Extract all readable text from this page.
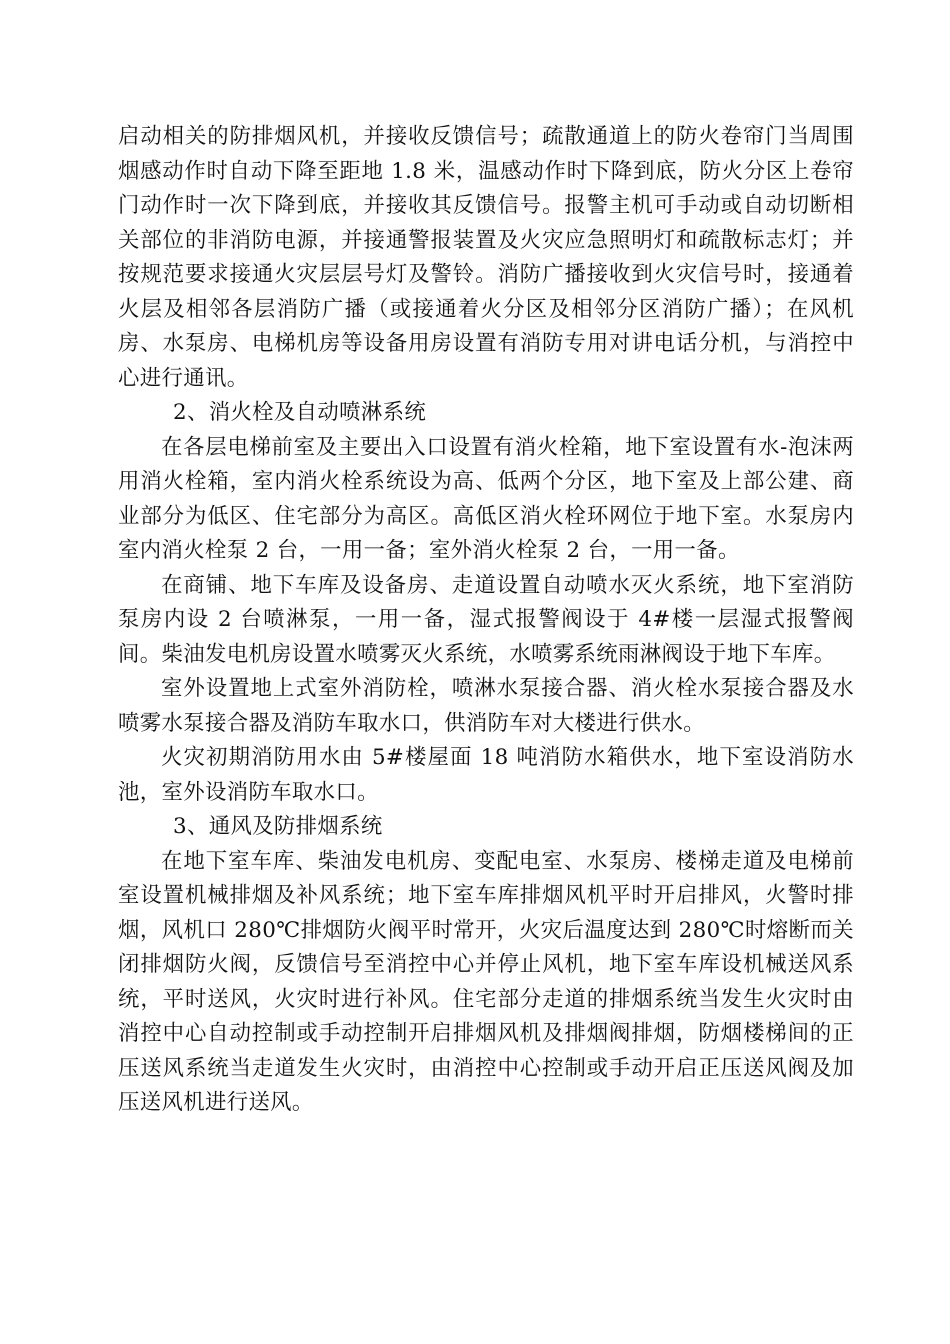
启动相关的防排烟风机，并接收反馈信号；疏散通道上的防火卷帘门当周围烟感动作时自动下降至距地 1.8 米，温感动作时下降到底，防火分区上卷帘门动作时一次下降到底，并接收其反馈信号。报警主机可手动或自动切断相关部位的非消防电源，并接通警报装置及火灾应急照明灯和疏散标志灯；并按规范要求接通火灾层层号灯及警铃。消防广播接收到火灾信号时，接通着火层及相邻各层消防广播（或接通着火分区及相邻分区消防广播）；在风机房、水泵房、电梯机房等设备用房设置有消防专用对讲电话分机，与消控中心进行通讯。

2、消火栓及自动喷淋系统

在各层电梯前室及主要出入口设置有消火栓箱，地下室设置有水-泡沫两用消火栓箱，室内消火栓系统设为高、低两个分区，地下室及上部公建、商业部分为低区、住宅部分为高区。高低区消火栓环网位于地下室。水泵房内室内消火栓泵 2 台，一用一备；室外消火栓泵 2 台，一用一备。

在商铺、地下车库及设备房、走道设置自动喷水灭火系统，地下室消防泵房内设 2 台喷淋泵，一用一备，湿式报警阀设于 4#楼一层湿式报警阀间。柴油发电机房设置水喷雾灭火系统，水喷雾系统雨淋阀设于地下车库。

室外设置地上式室外消防栓，喷淋水泵接合器、消火栓水泵接合器及水喷雾水泵接合器及消防车取水口，供消防车对大楼进行供水。

火灾初期消防用水由 5#楼屋面 18 吨消防水箱供水，地下室设消防水池，室外设消防车取水口。

3、通风及防排烟系统

在地下室车库、柴油发电机房、变配电室、水泵房、楼梯走道及电梯前室设置机械排烟及补风系统；地下室车库排烟风机平时开启排风，火警时排烟，风机口 280℃排烟防火阀平时常开，火灾后温度达到 280℃时熔断而关闭排烟防火阀，反馈信号至消控中心并停止风机，地下室车库设机械送风系统，平时送风，火灾时进行补风。住宅部分走道的排烟系统当发生火灾时由消控中心自动控制或手动控制开启排烟风机及排烟阀排烟，防烟楼梯间的正压送风系统当走道发生火灾时，由消控中心控制或手动开启正压送风阀及加压送风机进行送风。
